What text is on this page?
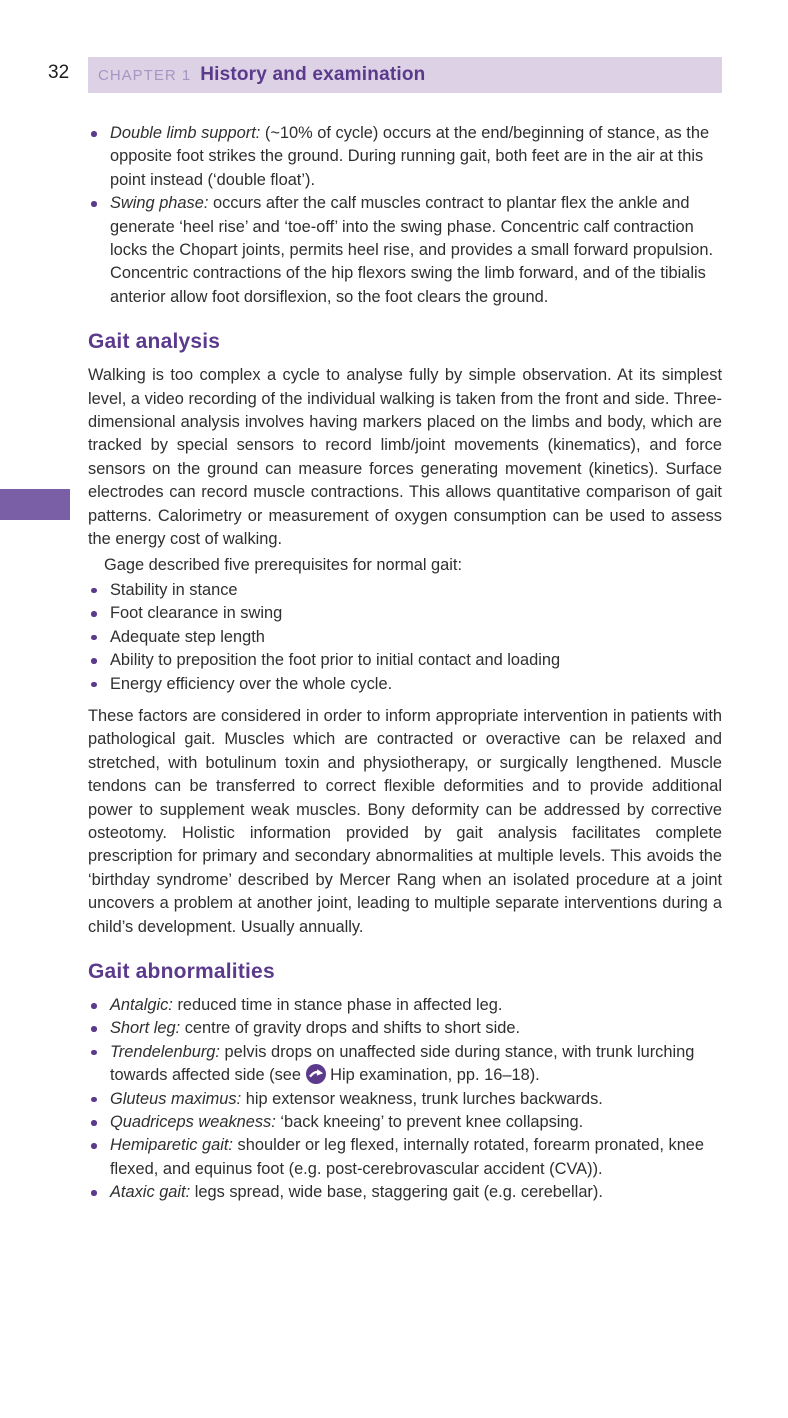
32 CHAPTER 1 History and examination
Double limb support: (~10% of cycle) occurs at the end/beginning of stance, as the opposite foot strikes the ground. During running gait, both feet are in the air at this point instead (‘double float’).
Swing phase: occurs after the calf muscles contract to plantar flex the ankle and generate ‘heel rise’ and ‘toe-off’ into the swing phase. Concentric calf contraction locks the Chopart joints, permits heel rise, and provides a small forward propulsion. Concentric contractions of the hip flexors swing the limb forward, and of the tibialis anterior allow foot dorsiflexion, so the foot clears the ground.
Gait analysis

Walking is too complex a cycle to analyse fully by simple observation. At its simplest level, a video recording of the individual walking is taken from the front and side. Three-dimensional analysis involves having markers placed on the limbs and body, which are tracked by special sensors to record limb/joint movements (kinematics), and force sensors on the ground can measure forces generating movement (kinetics). Surface electrodes can record muscle contractions. This allows quantitative comparison of gait patterns. Calorimetry or measurement of oxygen consumption can be used to assess the energy cost of walking.

Gage described five prerequisites for normal gait:

Stability in stance
Foot clearance in swing
Adequate step length
Ability to preposition the foot prior to initial contact and loading
Energy efficiency over the whole cycle.

These factors are considered in order to inform appropriate intervention in patients with pathological gait. Muscles which are contracted or overactive can be relaxed and stretched, with botulinum toxin and physiotherapy, or surgically lengthened. Muscle tendons can be transferred to correct flexible deformities and to provide additional power to supplement weak muscles. Bony deformity can be addressed by corrective osteotomy. Holistic information provided by gait analysis facilitates complete prescription for primary and secondary abnormalities at multiple levels. This avoids the ‘birthday syndrome’ described by Mercer Rang when an isolated procedure at a joint uncovers a problem at another joint, leading to multiple separate interventions during a child’s development. Usually annually.

Gait abnormalities
Antalgic: reduced time in stance phase in affected leg.
Short leg: centre of gravity drops and shifts to short side.
Trendelenburg: pelvis drops on unaffected side during stance, with trunk lurching towards affected side (see Hip examination, pp. 16–18).
Gluteus maximus: hip extensor weakness, trunk lurches backwards.
Quadriceps weakness: ‘back kneeing’ to prevent knee collapsing.
Hemiparetic gait: shoulder or leg flexed, internally rotated, forearm pronated, knee flexed, and equinus foot (e.g. post-cerebrovascular accident (CVA)).
Ataxic gait: legs spread, wide base, staggering gait (e.g. cerebellar).
